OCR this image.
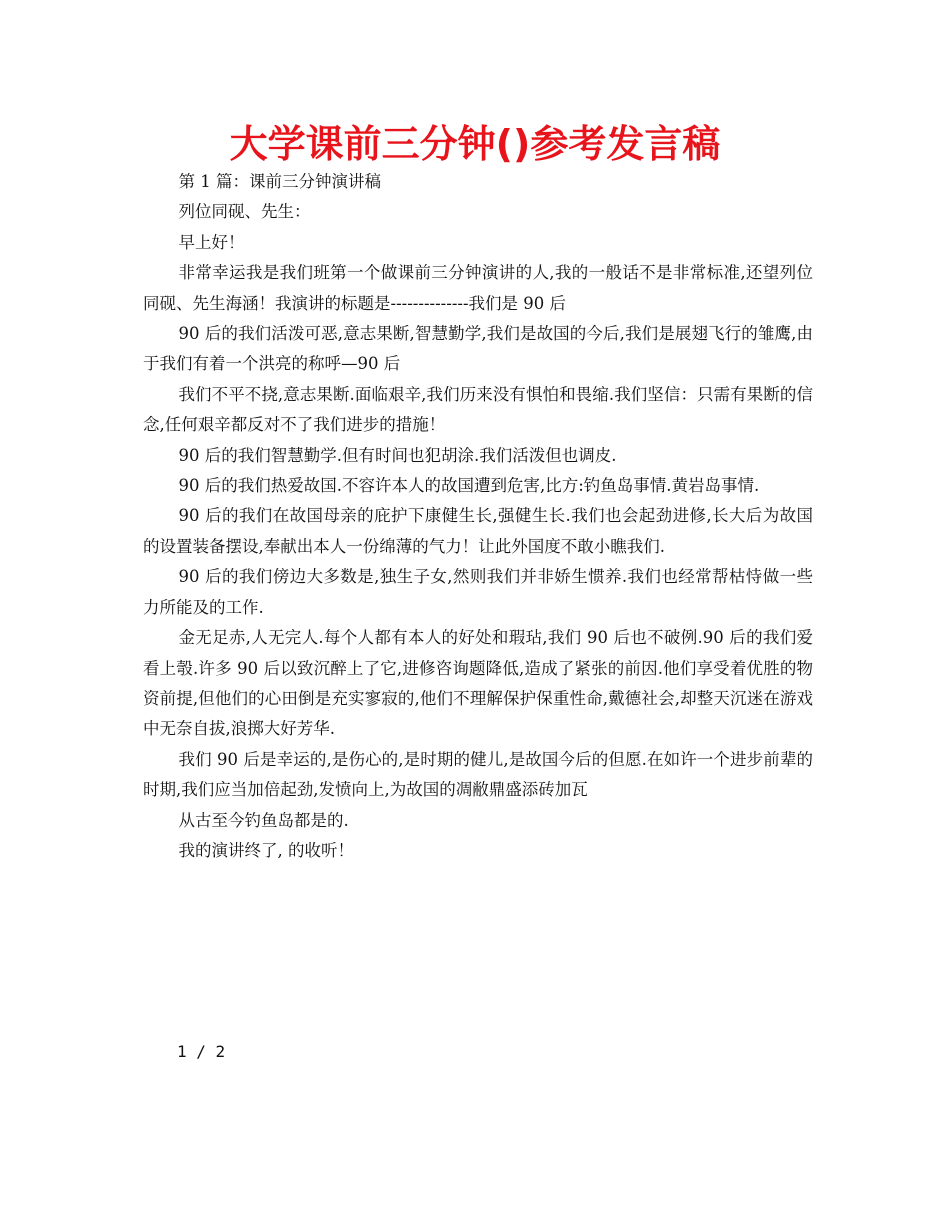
大学课前三分钟()参考发言稿

第 1 篇：课前三分钟演讲稿

列位同砚、先生：

早上好！

非常幸运我是我们班第一个做课前三分钟演讲的人,我的一般话不是非常标准,还望列位同砚、先生海涵！我演讲的标题是--------------我们是 90 后

90 后的我们活泼可恶,意志果断,智慧勤学,我们是故国的今后,我们是展翅飞行的雏鹰,由于我们有着一个洪亮的称呼—90 后

我们不平不挠,意志果断.面临艰辛,我们历来没有惧怕和畏缩.我们坚信：只需有果断的信念,任何艰辛都反对不了我们进步的措施！

90 后的我们智慧勤学.但有时间也犯胡涂.我们活泼但也调皮.

90 后的我们热爱故国.不容许本人的故国遭到危害,比方:钓鱼岛事情.黄岩岛事情.

90 后的我们在故国母亲的庇护下康健生长,强健生长.我们也会起劲进修,长大后为故国的设置装备摆设,奉献出本人一份绵薄的气力！让此外国度不敢小瞧我们.

90 后的我们傍边大多数是,独生子女,然则我们并非娇生惯养.我们也经常帮枯恃做一些力所能及的工作.

金无足赤,人无完人.每个人都有本人的好处和瑕玷,我们 90 后也不破例.90 后的我们爱看上彀.许多 90 后以致沉醉上了它,进修咨询题降低,造成了紧张的前因.他们享受着优胜的物资前提,但他们的心田倒是充实寥寂的,他们不理解保护保重性命,戴德社会,却整天沉迷在游戏中无奈自拔,浪掷大好芳华.

我们 90 后是幸运的,是伤心的,是时期的健儿,是故国今后的但愿.在如许一个进步前辈的时期,我们应当加倍起劲,发愤向上,为故国的凋敝鼎盛添砖加瓦

从古至今钓鱼岛都是的.

我的演讲终了, 的收听！

1 / 2
